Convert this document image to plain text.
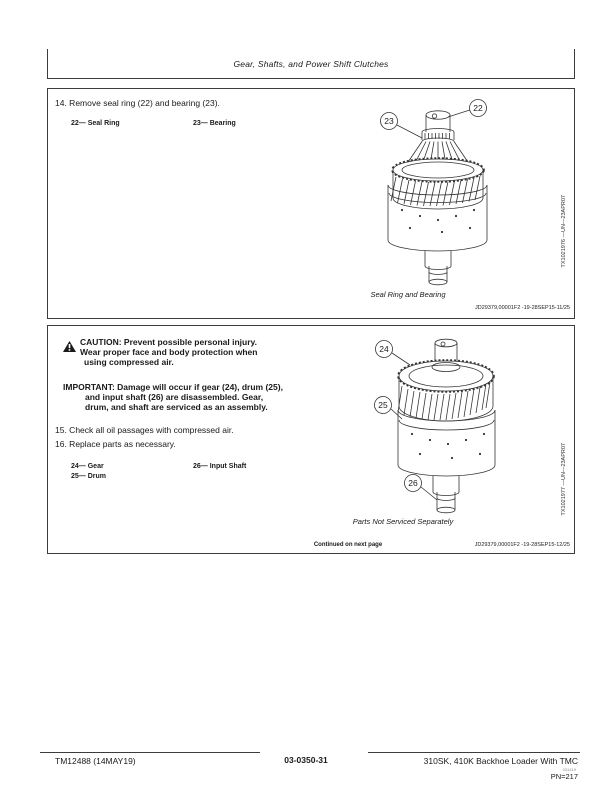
Gear, Shafts, and Power Shift Clutches
14. Remove seal ring (22) and bearing (23).
22— Seal Ring	23— Bearing
22
23
Seal Ring and Bearing
TX1021976 —UN—23APR07
JD29379,00001F2 -19-28SEP15-11/25
CAUTION: Prevent possible personal injury.
Wear proper face and body protection when
using compressed air.
IMPORTANT: Damage will occur if gear (24), drum (25),
and input shaft (26) are disassembled. Gear,
drum, and shaft are serviced as an assembly.
15. Check all oil passages with compressed air.
16. Replace parts as necessary.
24— Gear
25— Drum
26— Input Shaft
24
25
26
Parts Not Serviced Separately
TX1021977 —UN—23APR07
Continued on next page	JD29379,00001F2 -19-28SEP15-12/25
TM12488 (14MAY19)	03-0350-31	310SK, 410K Backhoe Loader With TMC
031419
PN=217
